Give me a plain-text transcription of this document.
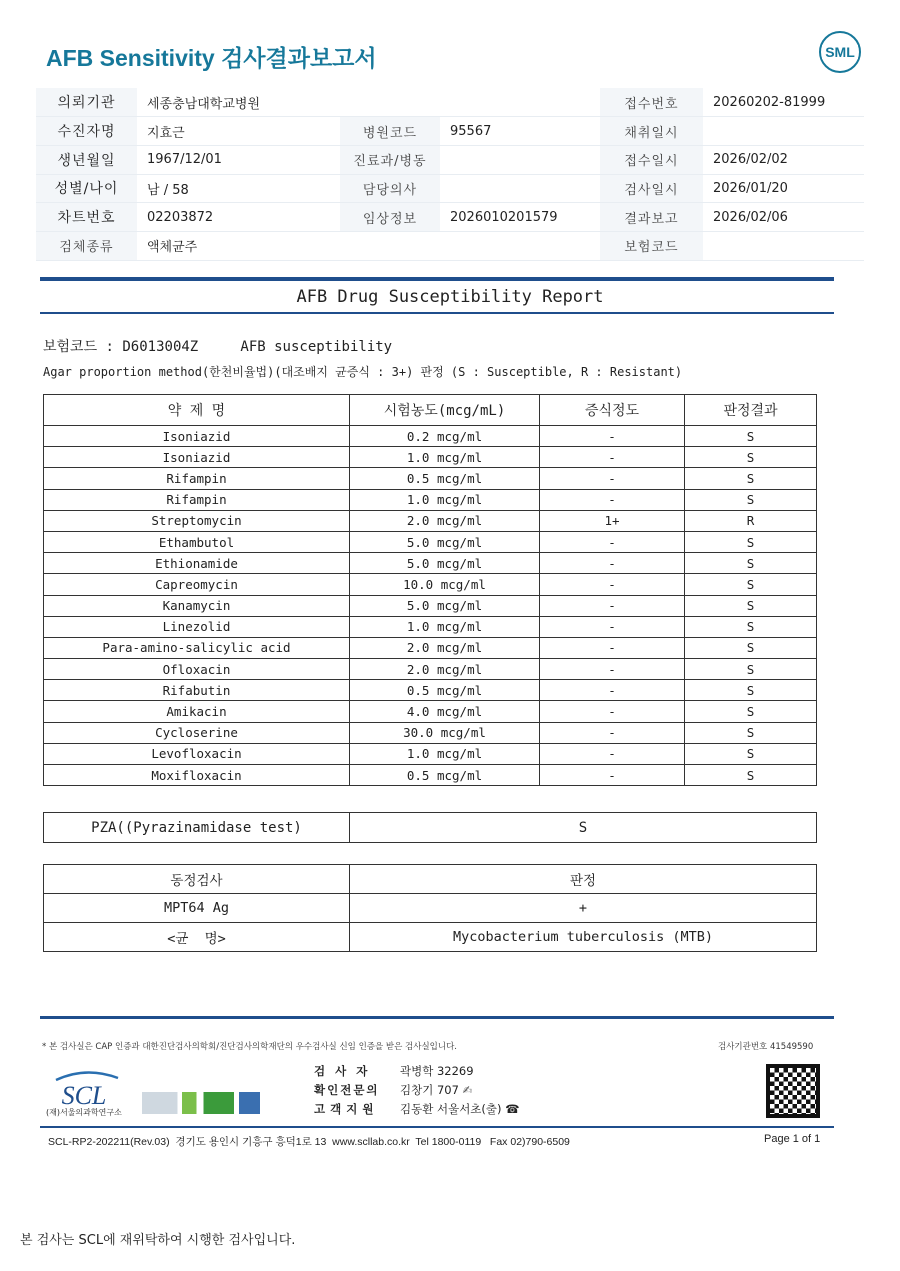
AFB Sensitivity 검사결과보고서	SML
의뢰기관	세종충남대학교병원			접수번호	20260202-81999
수진자명	지효근	병원코드	95567	채취일시	
생년월일	1967/12/01	진료과/병동		접수일시	2026/02/02
성별/나이	남 / 58	담당의사		검사일시	2026/01/20
차트번호	02203872	임상정보	2026010201579	결과보고	2026/02/06
검체종류	액체균주			보험코드	
AFB Drug Susceptibility Report
보험코드 : D6013004Z     AFB susceptibility
Agar proportion method(한천비율법)(대조배지 균증식 : 3+) 판정 (S : Susceptible, R : Resistant)
약 제 명	시험농도(mcg/mL)	증식정도	판정결과
Isoniazid	0.2 mcg/ml	-	S
Isoniazid	1.0 mcg/ml	-	S
Rifampin	0.5 mcg/ml	-	S
Rifampin	1.0 mcg/ml	-	S
Streptomycin	2.0 mcg/ml	1+	R
Ethambutol	5.0 mcg/ml	-	S
Ethionamide	5.0 mcg/ml	-	S
Capreomycin	10.0 mcg/ml	-	S
Kanamycin	5.0 mcg/ml	-	S
Linezolid	1.0 mcg/ml	-	S
Para-amino-salicylic acid	2.0 mcg/ml	-	S
Ofloxacin	2.0 mcg/ml	-	S
Rifabutin	0.5 mcg/ml	-	S
Amikacin	4.0 mcg/ml	-	S
Cycloserine	30.0 mcg/ml	-	S
Levofloxacin	1.0 mcg/ml	-	S
Moxifloxacin	0.5 mcg/ml	-	S
PZA((Pyrazinamidase test)	S
동정검사	판정
MPT64 Ag	+
<균  명>	Mycobacterium tuberculosis (MTB)
* 본 검사실은 CAP 인증과 대한진단검사의학회/진단검사의학재단의 우수검사실 신임 인증을 받은 검사실입니다.	검사기관번호 41549590
SCL
(재)서울의과학연구소
검 사 자	곽병학 32269
확인전문의 김창기 707 ✍
고객지원 김동환 서울서초(출) ☎
SCL-RP2-202211(Rev.03)  경기도 용인시 기흥구 흥덕1로 13  www.scllab.co.kr  Tel 1800-0119   Fax 02)790-6509	Page 1 of 1
본 검사는 SCL에 재위탁하여 시행한 검사입니다.
